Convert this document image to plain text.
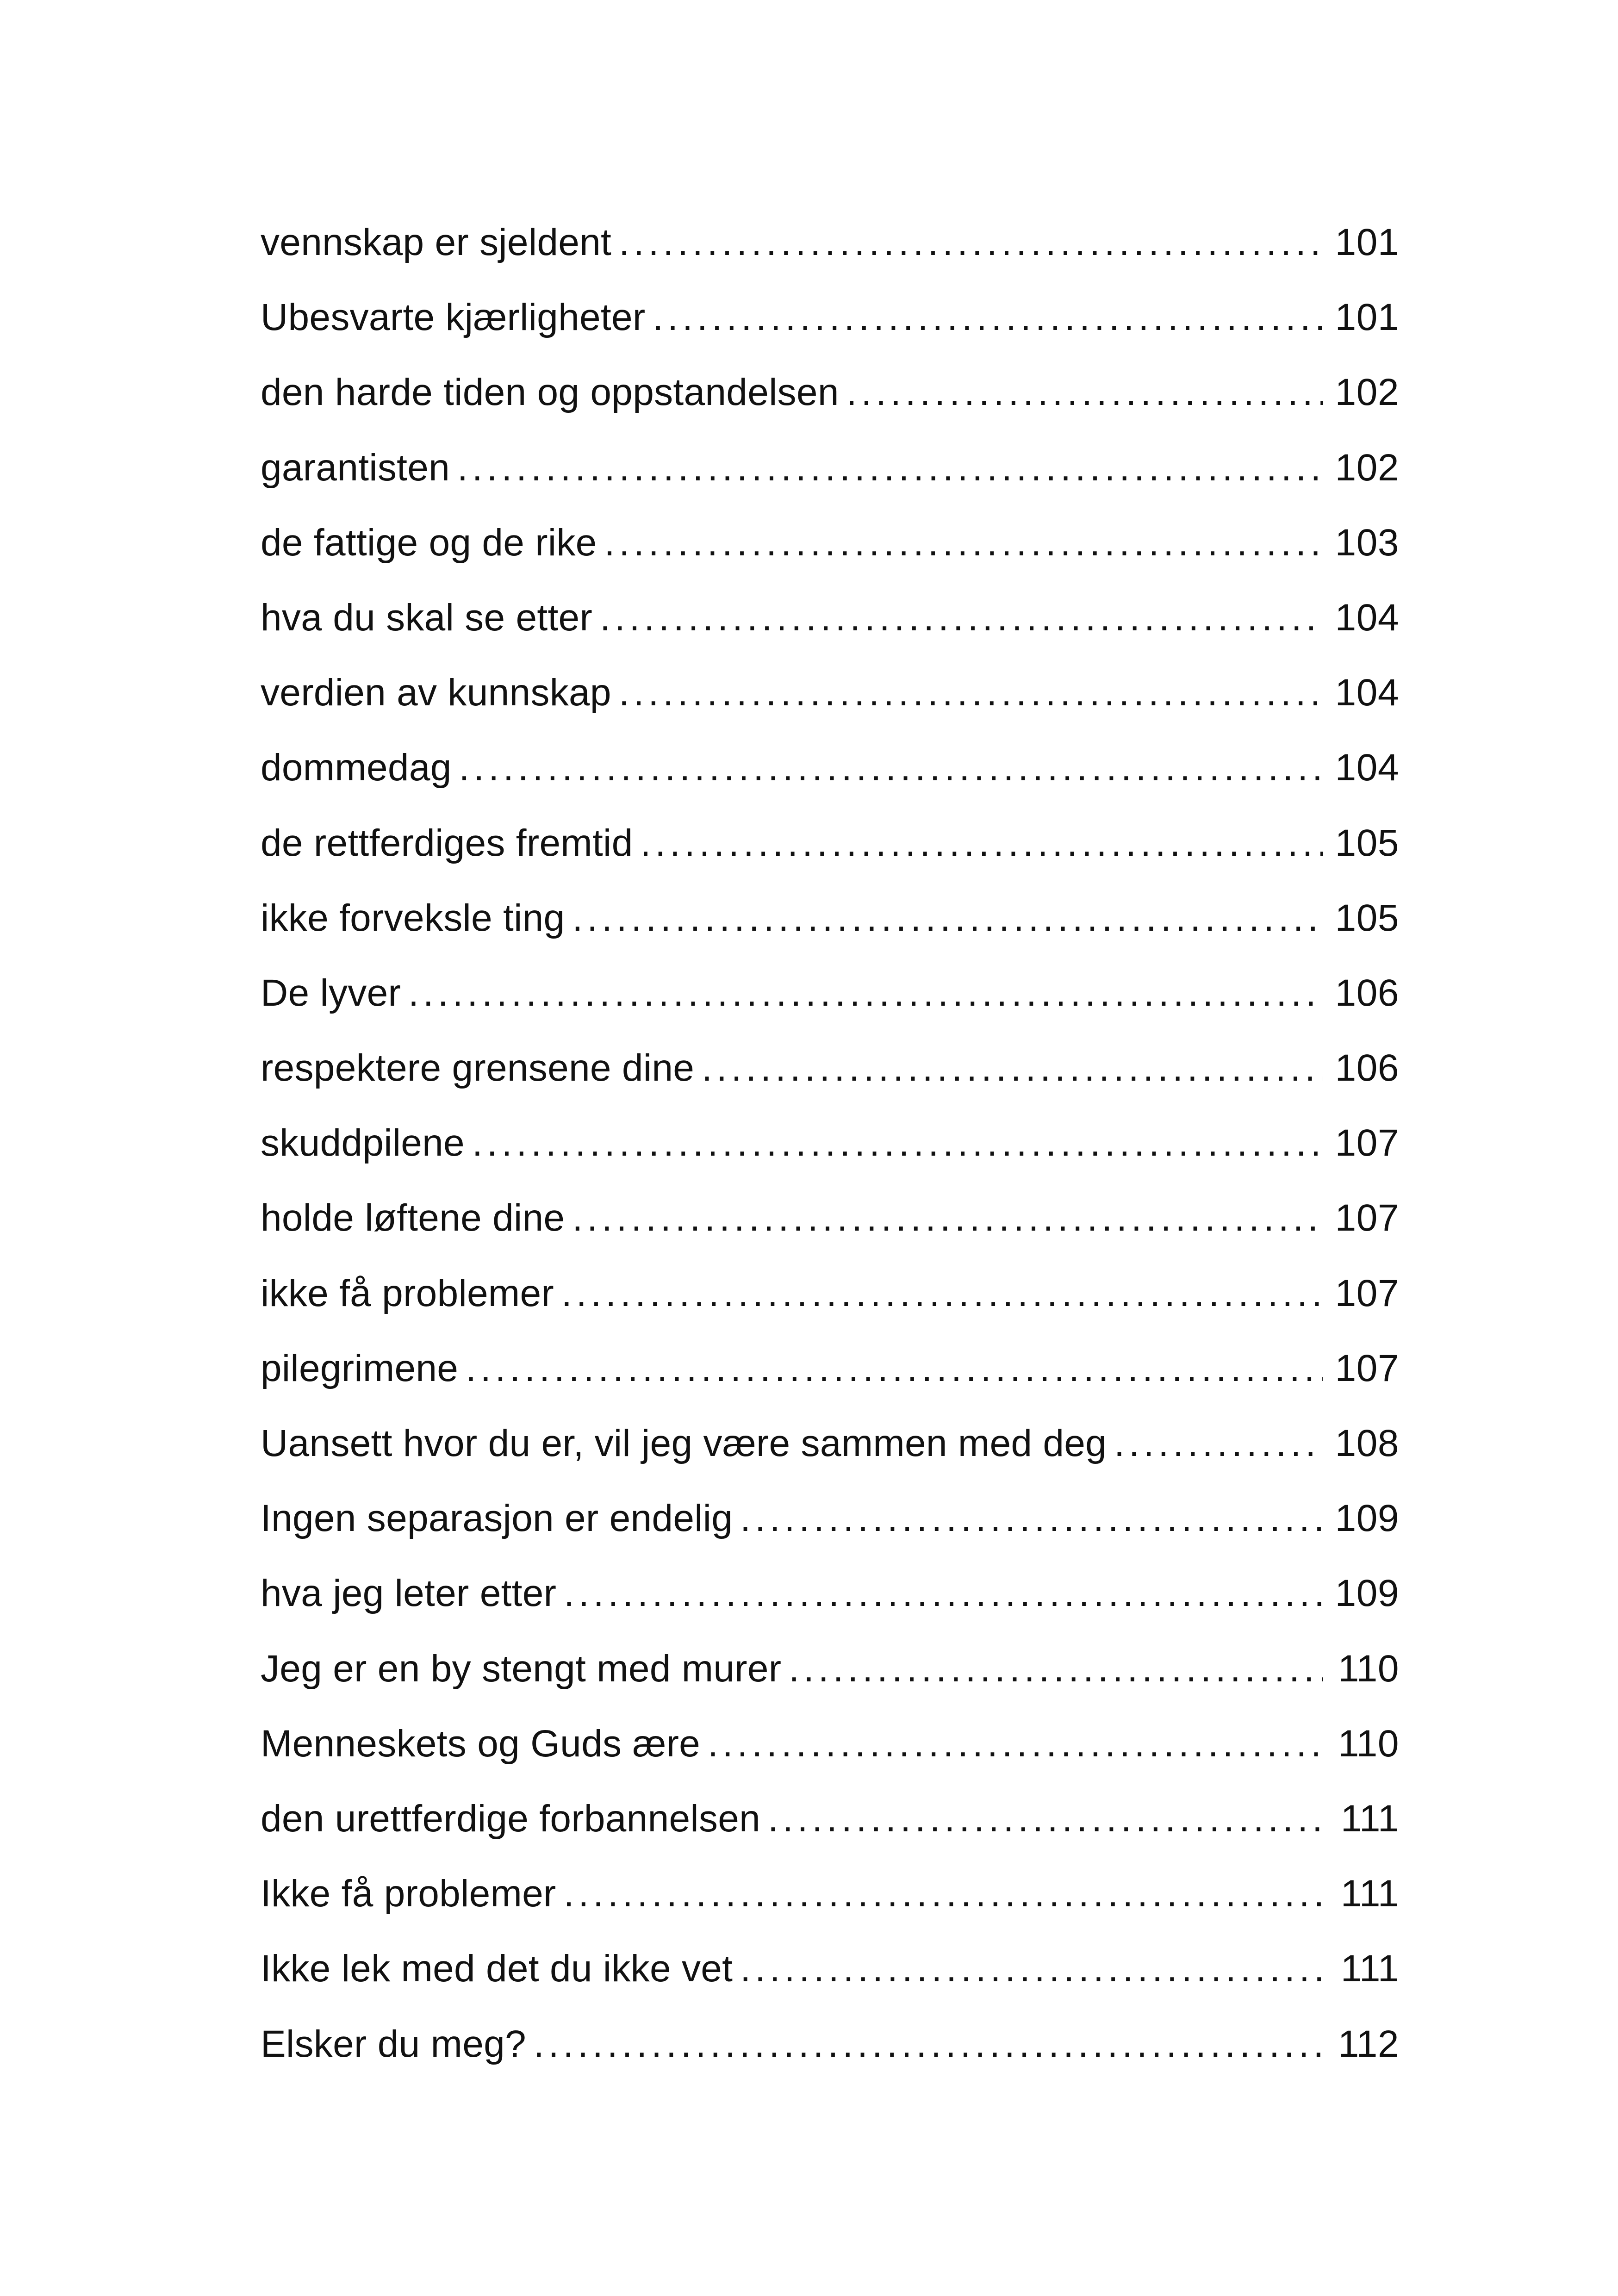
vennskap er sjeldent .....	101
Ubesvarte kjærligheter .....	101
den harde tiden og oppstandelsen .....	102
garantisten .....	102
de fattige og de rike .....	103
hva du skal se etter .....	104
verdien av kunnskap .....	104
dommedag .....	104
de rettferdiges fremtid .....	105
ikke forveksle ting .....	105
De lyver .....	106
respektere grensene dine .....	106
skuddpilene .....	107
holde løftene dine .....	107
ikke få problemer .....	107
pilegrimene .....	107
Uansett hvor du er, vil jeg være sammen med deg .....	108
Ingen separasjon er endelig .....	109
hva jeg leter etter .....	109
Jeg er en by stengt med murer .....	110
Menneskets og Guds ære .....	110
den urettferdige forbannelsen .....	111
Ikke få problemer .....	111
Ikke lek med det du ikke vet .....	111
Elsker du meg? .....	112
